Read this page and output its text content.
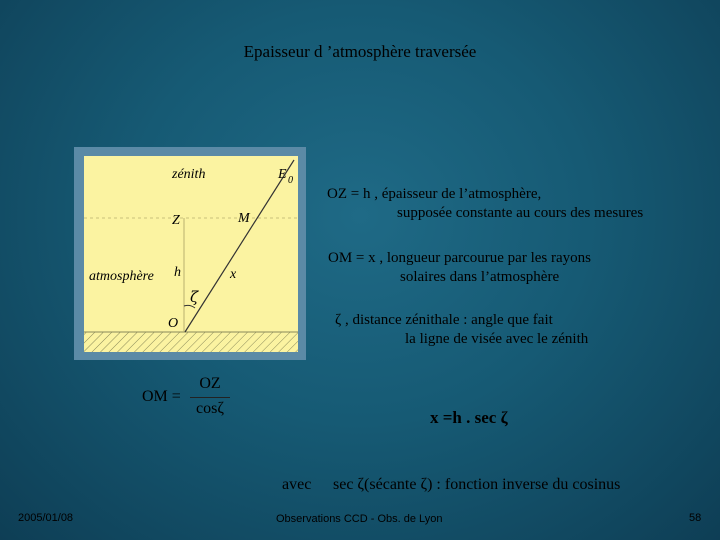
Epaisseur d ’atmosphère traversée
zénith	E 0
Z	M
atmosphère h	x
ζ
O
OZ = h , épaisseur de l’atmosphère,
supposée constante au cours des mesures
OM = x , longueur parcourue par les rayons
solaires dans l’atmosphère
ζ , distance zénithale : angle que fait
la ligne de visée avec le zénith
OM =
OZ
cosζ	x =h . sec ζ
avec sec ζ(sécante ζ) : fonction inverse du cosinus
2005/01/08	Observations CCD - Obs. de Lyon	58
